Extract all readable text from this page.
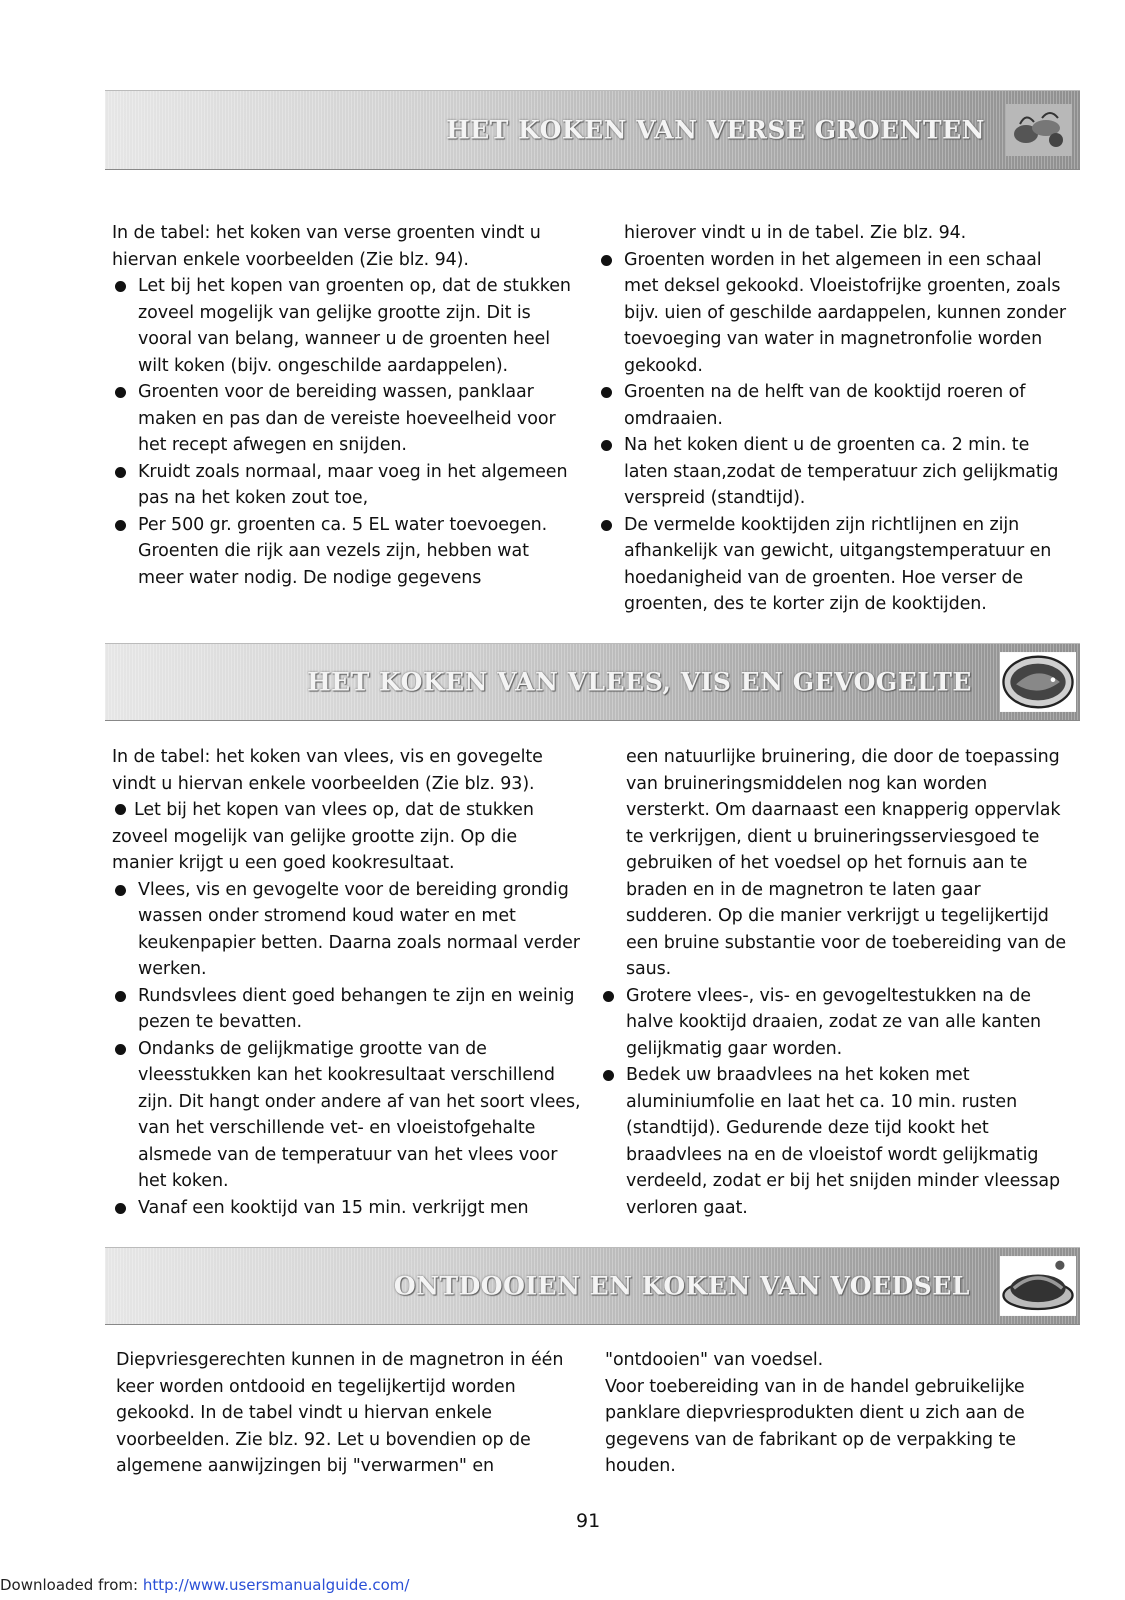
HET KOKEN VAN VERSE GROENTEN

In de tabel: het koken van verse groenten vindt u hiervan enkele voorbeelden (Zie blz. 94).

Let bij het kopen van groenten op, dat de stukken zoveel mogelijk van gelijke grootte zijn. Dit is vooral van belang, wanneer u de groenten heel wilt koken (bijv. ongeschilde aardappelen).
Groenten voor de bereiding wassen, panklaar maken en pas dan de vereiste hoeveelheid voor het recept afwegen en snijden.
Kruidt zoals normaal, maar voeg in het algemeen pas na het koken zout toe,
Per 500 gr. groenten ca. 5 EL water toevoegen. Groenten die rijk aan vezels zijn, hebben wat meer water nodig. De nodige gegevens

hierover vindt u in de tabel. Zie blz. 94.

Groenten worden in het algemeen in een schaal met deksel gekookd. Vloeistofrijke groenten, zoals bijv. uien of geschilde aardappelen, kunnen zonder toevoeging van water in magnetronfolie worden gekookd.
Groenten na de helft van de kooktijd roeren of omdraaien.
Na het koken dient u de groenten ca. 2 min. te laten staan,zodat de temperatuur zich gelijkmatig verspreid (standtijd).
De vermelde kooktijden zijn richtlijnen en zijn afhankelijk van gewicht, uitgangstemperatuur en hoedanigheid van de groenten. Hoe verser de groenten, des te korter zijn de kooktijden.
HET KOKEN VAN VLEES, VIS EN GEVOGELTE

In de tabel: het koken van vlees, vis en govegelte vindt u hiervan enkele voorbeelden (Zie blz. 93).

Let bij het kopen van vlees op, dat de stukken zoveel mogelijk van gelijke grootte zijn. Op die manier krijgt u een goed kookresultaat.

Vlees, vis en gevogelte voor de bereiding grondig wassen onder stromend koud water en met keukenpapier betten. Daarna zoals normaal verder werken.
Rundsvlees dient goed behangen te zijn en weinig pezen te bevatten.
Ondanks de gelijkmatige grootte van de vleesstukken kan het kookresultaat verschillend zijn. Dit hangt onder andere af van het soort vlees, van het verschillende vet- en vloeistofgehalte alsmede van de temperatuur van het vlees voor het koken.
Vanaf een kooktijd van 15 min. verkrijgt men

een natuurlijke bruinering, die door de toepassing van bruineringsmiddelen nog kan worden versterkt. Om daarnaast een knapperig oppervlak te verkrijgen, dient u bruineringsserviesgoed te gebruiken of het voedsel op het fornuis aan te braden en in de magnetron te laten gaar sudderen. Op die manier verkrijgt u tegelijkertijd een bruine substantie voor de toebereiding van de saus.

Grotere vlees-, vis- en gevogeltestukken na de halve kooktijd draaien, zodat ze van alle kanten gelijkmatig gaar worden.
Bedek uw braadvlees na het koken met aluminiumfolie en laat het ca. 10 min. rusten (standtijd). Gedurende deze tijd kookt het braadvlees na en de vloeistof wordt gelijkmatig verdeeld, zodat er bij het snijden minder vleessap verloren gaat.
ONTDOOIEN EN KOKEN VAN VOEDSEL

Diepvriesgerechten kunnen in de magnetron in één keer worden ontdooid en tegelijkertijd worden gekookd. In de tabel vindt u hiervan enkele voorbeelden. Zie blz. 92. Let u bovendien op de algemene aanwijzingen bij "verwarmen" en

"ontdooien" van voedsel.

Voor toebereiding van in de handel gebruikelijke panklare diepvriesprodukten dient u zich aan de gegevens van de fabrikant op de verpakking te houden.

91
Downloaded from: http://www.usersmanualguide.com/
